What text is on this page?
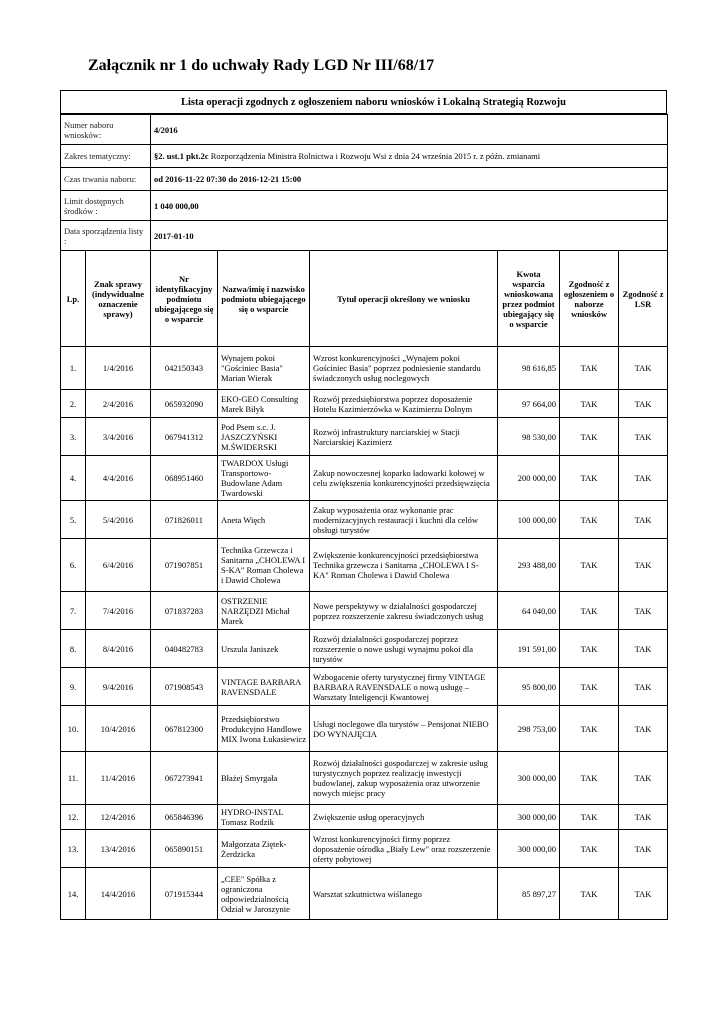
Załącznik nr 1 do uchwały Rady LGD Nr III/68/17
Lista operacji zgodnych z ogłoszeniem naboru wniosków i Lokalną Strategią Rozwoju
Numer naboru wniosków:		4/2016					
Zakres tematyczny:		§2. ust.1 pkt.2c Rozporządzenia Ministra Rolnictwa i Rozwoju Wsi z dnia 24 września 2015 r. z późn. zmianami					
Czas trwania naboru:		od 2016-11-22 07:30 do 2016-12-21 15:00					
Limit dostępnych środków :		1 040 000,00					
Data sporządzenia listy :		2017-01-10					
Lp.	Znak sprawy (indywidualne oznaczenie sprawy)	Nr identyfikacyjny podmiotu ubiegającego się o wsparcie	Nazwa/imię i nazwisko podmiotu ubiegającego się o wsparcie	Tytuł operacji określony we wniosku	Kwota wsparcia wnioskowana przez podmiot ubiegający się o wsparcie	Zgodność z ogłoszeniem o naborze wniosków	Zgodność z LSR
1.	1/4/2016	042150343	Wynajem pokoi "Gościniec Basia" Marian Wierak	Wzrost konkurencyjności „Wynajem pokoi Gościniec Basia" poprzez podniesienie standardu świadczonych usług noclegowych	98 616,85	TAK	TAK
2.	2/4/2016	065932090	EKO-GEO Consulting Marek Biłyk	Rozwój przedsiębiorstwa poprzez doposażenie Hotelu Kazimierzówka w Kazimierzu Dolnym	97 664,00	TAK	TAK
3.	3/4/2016	067941312	Pod Psem s.c. J. JASZCZYŃSKI M.ŚWIDERSKI	Rozwój infrastruktury narciarskiej w Stacji Narciarskiej Kazimierz	98 530,00	TAK	TAK
4.	4/4/2016	068951460	TWARDOX Usługi Transportowo-Budowlane Adam Twardowski	Zakup nowoczesnej koparko ładowarki kołowej w celu zwiększenia konkurencyjności przedsięwzięcia	200 000,00	TAK	TAK
5.	5/4/2016	071826011	Aneta Więch	Zakup wyposażenia oraz wykonanie prac modernizacyjnych restauracji i kuchni dla celów obsługi turystów	100 000,00	TAK	TAK
6.	6/4/2016	071907851	Technika Grzewcza i Sanitarna „CHOLEWA I S-KA" Roman Cholewa i Dawid Cholewa	Zwiększenie konkurencyjności przedsiębiorstwa Technika grzewcza i Sanitarna „CHOLEWA I S-KA" Roman Cholewa i Dawid Cholewa	293 488,00	TAK	TAK
7.	7/4/2016	071837283	OSTRZENIE NARZĘDZI Michał Marek	Nowe perspektywy w działalności gospodarczej poprzez rozszerzenie zakresu świadczonych usług	64 040,00	TAK	TAK
8.	8/4/2016	040482783	Urszula Janiszek	Rozwój działalności gospodarczej poprzez rozszerzenie o nowe usługi wynajmu pokoi dla turystów	191 591,00	TAK	TAK
9.	9/4/2016	071908543	VINTAGE BARBARA RAVENSDALE	Wzbogacenie oferty turystycznej firmy VINTAGE BARBARA RAVENSDALE o nową usługę – Warsztaty Inteligencji Kwantowej	95 800,00	TAK	TAK
10.	10/4/2016	067812300	Przedsiębiorstwo Produkcyjno Handlowe MIX Iwona Łukasiewicz	Usługi noclegowe dla turystów – Pensjonat NIEBO DO WYNAJĘCIA	298 753,00	TAK	TAK
11.	11/4/2016	067273941	Błażej Smyrgała	Rozwój działalności gospodarczej w zakresie usług turystycznych poprzez realizację inwestycji budowlanej, zakup wyposażenia oraz utworzenie nowych miejsc pracy	300 000,00	TAK	TAK
12.	12/4/2016	065846396	HYDRO-INSTAL Tomasz Rodzik	Zwiększenie usług operacyjnych	300 000,00	TAK	TAK
13.	13/4/2016	065890151	Małgorzata Ziętek-Żerdzicka	Wzrost konkurencyjności firmy poprzez doposażenie ośrodka „Biały Lew" oraz rozszerzenie oferty pobytowej	300 000,00	TAK	TAK
14.	14/4/2016	071915344	„CEE" Spółka z ograniczona odpowiedzialnością Odział w Jaroszynie	Warsztat szkutnictwa wiślanego	85 897,27	TAK	TAK
